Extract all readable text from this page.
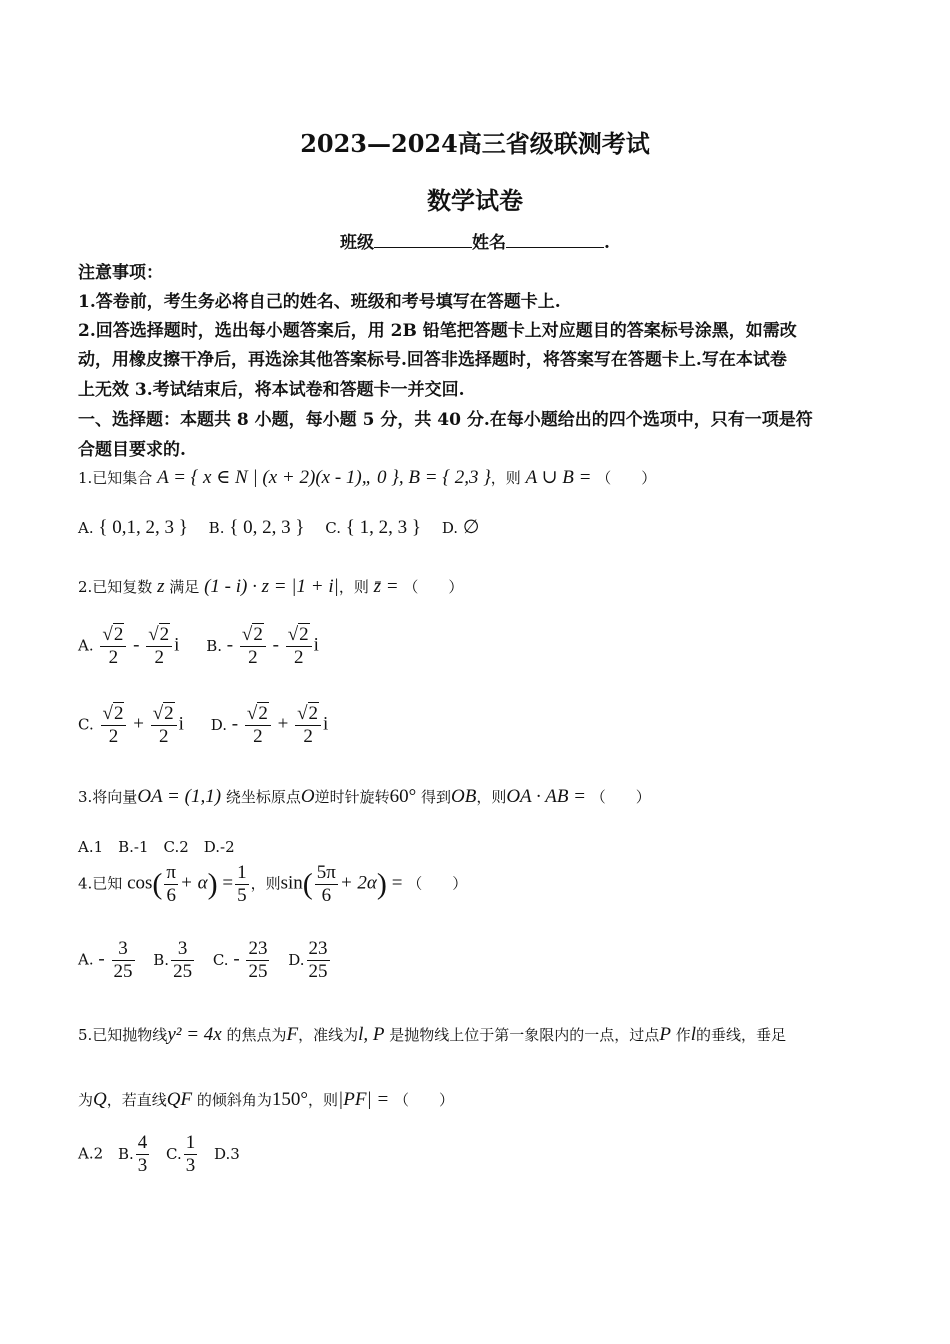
2023—2024高三省级联测考试
数学试卷
班级	姓名	.
注意事项：
1.答卷前，考生务必将自己的姓名、班级和考号填写在答题卡上.
2.回答选择题时，选出每小题答案后，用 2B 铅笔把答题卡上对应题目的答案标号涂黑，如需改
动，用橡皮擦干净后，再选涂其他答案标号.回答非选择题时，将答案写在答题卡上.写在本试卷
上无效 3.考试结束后，将本试卷和答题卡一并交回.
一、选择题：本题共 8 小题，每小题 5 分，共 40 分.在每小题给出的四个选项中，只有一项是符
合题目要求的.
1.已知集合 A = { x ∈ N | (x + 2)(x - 1)„ 0 }, B = { 2,3 }，则 A ∪ B = （　　）
A. { 0,1, 2, 3 } B. { 0, 2, 3 } C. { 1, 2, 3 } D. ∅
2.已知复数 z 满足 (1 - i) · z = |1 + i|，则 z̄ = （　　）
A. $\frac{√2}{2} - \frac{√2}{2}$ i B. - $\frac{√2}{2} - \frac{√2}{2}$ i
C. $\frac{√2}{2} + \frac{√2}{2}$ i D. - $\frac{√2}{2} + \frac{√2}{2}$ i
3.将向量OA = (1,1) 绕坐标原点O逆时针旋转60° 得到OB，则OA · AB = （　　）
A.1　B.-1　C.2　D.-2
4.已知 $\cos( \frac{\pi}{6} + \alpha) = \frac{1}{5}$ ，则$\sin( \frac{5\pi}{6} + 2\alpha)$ = （　　）
A. - $\frac{3}{25} B$. $\frac{3}{25} C$. - $\frac{23}{25} D$. $\frac{23}{25}$
5.已知抛物线y² = 4x 的焦点为F，准线为l, P 是抛物线上位于第一象限内的一点，过点P 作l的垂线，垂足
为Q，若直线QF 的倾斜角为150°，则|PF| = （　　）
A.2 B. $\frac{4}{3} C$. $\frac{1}{3} D.3$
